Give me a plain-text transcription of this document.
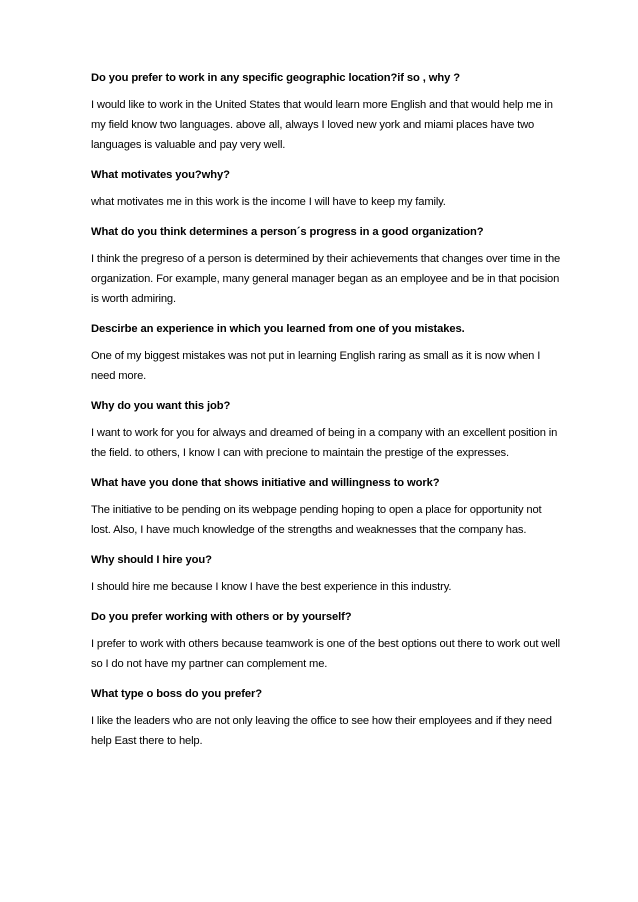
Do you prefer to work in any specific geographic location?if so , why ?

I would like to work in the United States that would learn more English and that would help me in my field know two languages. above all, always I loved new york and miami places have two languages is valuable and pay very well.

What motivates you?why?

what motivates me in this work is the income I will have to keep my family.

What do you think determines a person´s progress in a good organization?

I think the pregreso of a person is determined by their achievements that changes over time in the organization. For example, many general manager began as an employee and be in that pocision is worth admiring.

Descirbe an experience in which you learned from one of you mistakes.

One of my biggest mistakes was not put in learning English raring as small as it is now when I need more.

Why do you want this job?

I want to work for you for always and dreamed of being in a company with an excellent position in the field. to others, I know I can with precione to maintain the prestige of the expresses.

What have you done that shows initiative and willingness to work?

The initiative to be pending on its webpage pending hoping to open a place for opportunity not lost. Also, I have much knowledge of the strengths and weaknesses that the company has.

Why should I hire you?

I should hire me because I know I have the best experience in this industry.

Do you prefer working with others or by yourself?

I prefer to work with others because teamwork is one of the best options out there to work out well so I do not have my partner can complement me.

What type o boss do you prefer?

I like the leaders who are not only leaving the office to see how their employees and if they need help East there to help.
